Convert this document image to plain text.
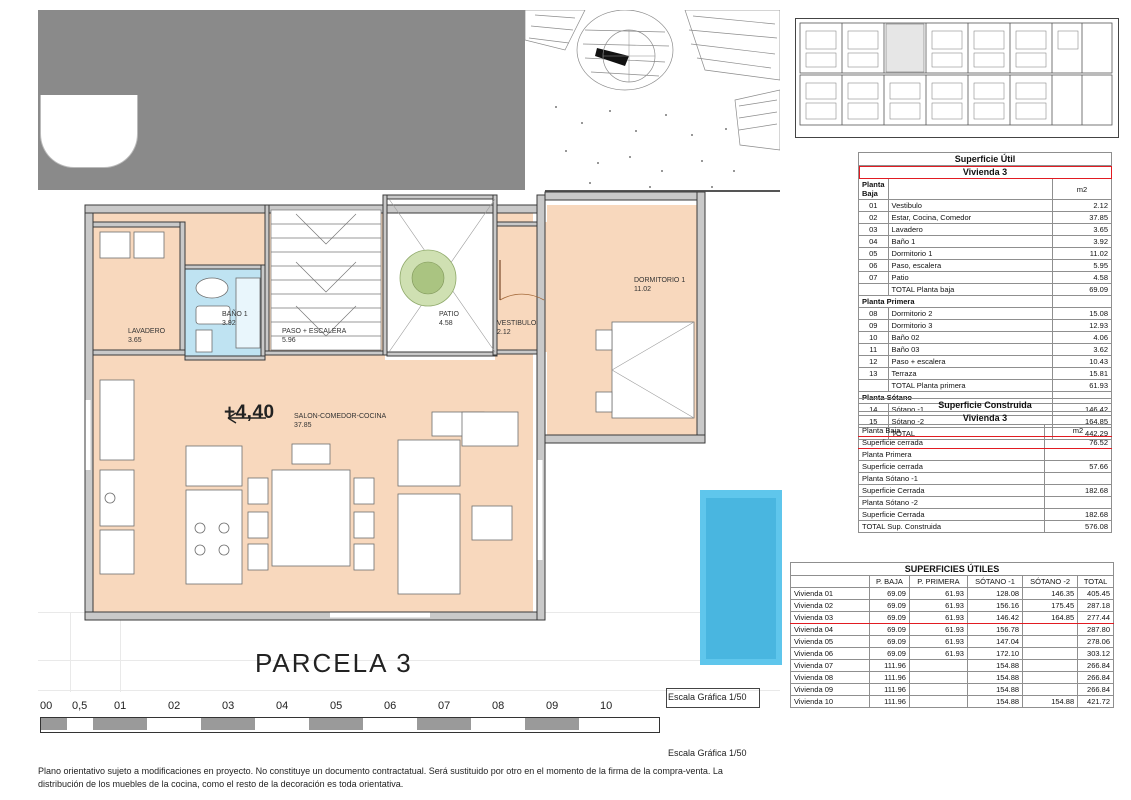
LAVADERO
3.65
BAÑO 1
3.92
PASO + ESCALERA
5.96
PATIO
4.58	VESTIBULO
2.12
DORMITORIO 1
11.02
SALON-COMEDOR-COCINA
37.85
+4,40
PARCELA 3
Escala Gráfica 1/50
00 0,5 01	02	03	04	05	06	07	08	09	10
Escala Gráfica 1/50
Plano orientativo sujeto a modificaciones en proyecto. No constituye un documento contractatual. Será sustituido por otro en el momento de la firma de la compra-venta. La distribución de los muebles de la cocina, como el resto de la decoración es toda orientativa.
Superficie Útil		
Vivienda 3		
Planta Baja		m2
01	Vestibulo	2.12
02	Estar, Cocina, Comedor	37.85
03	Lavadero	3.65
04	Baño 1	3.92
05	Dormitorio 1	11.02
06	Paso, escalera	5.95
07	Patio	4.58
	TOTAL Planta baja	69.09
Planta Primera		
08	Dormitorio 2	15.08
09	Dormitorio 3	12.93
10	Baño 02	4.06
11	Baño 03	3.62
12	Paso + escalera	10.43
13	Terraza	15.81
	TOTAL Planta primera	61.93
Planta Sótano		
14	Sótano -1	146.42
15	Sótano -2	164.85
	TOTAL	442.29
Superficie Construida	
Vivienda 3	
Planta Baja	m2
Superficie cerrada	76.52
Planta Primera	
Superficie cerrada	57.66
Planta Sótano -1	
Superficie Cerrada	182.68
Planta Sótano -2	
Superficie Cerrada	182.68
TOTAL Sup. Construida	576.08
SUPERFICIES ÚTILES					
	P. BAJA	P. PRIMERA	SÓTANO -1	SÓTANO -2	TOTAL
Vivienda 01	69.09	61.93	128.08	146.35	405.45
Vivienda 02	69.09	61.93	156.16	175.45	287.18
Vivienda 03	69.09	61.93	146.42	164.85	277.44
Vivienda 04	69.09	61.93	156.78		287.80
Vivienda 05	69.09	61.93	147.04		278.06
Vivienda 06	69.09	61.93	172.10		303.12
Vivienda 07	111.96		154.88		266.84
Vivienda 08	111.96		154.88		266.84
Vivienda 09	111.96		154.88		266.84
Vivienda 10	111.96		154.88	154.88	421.72
